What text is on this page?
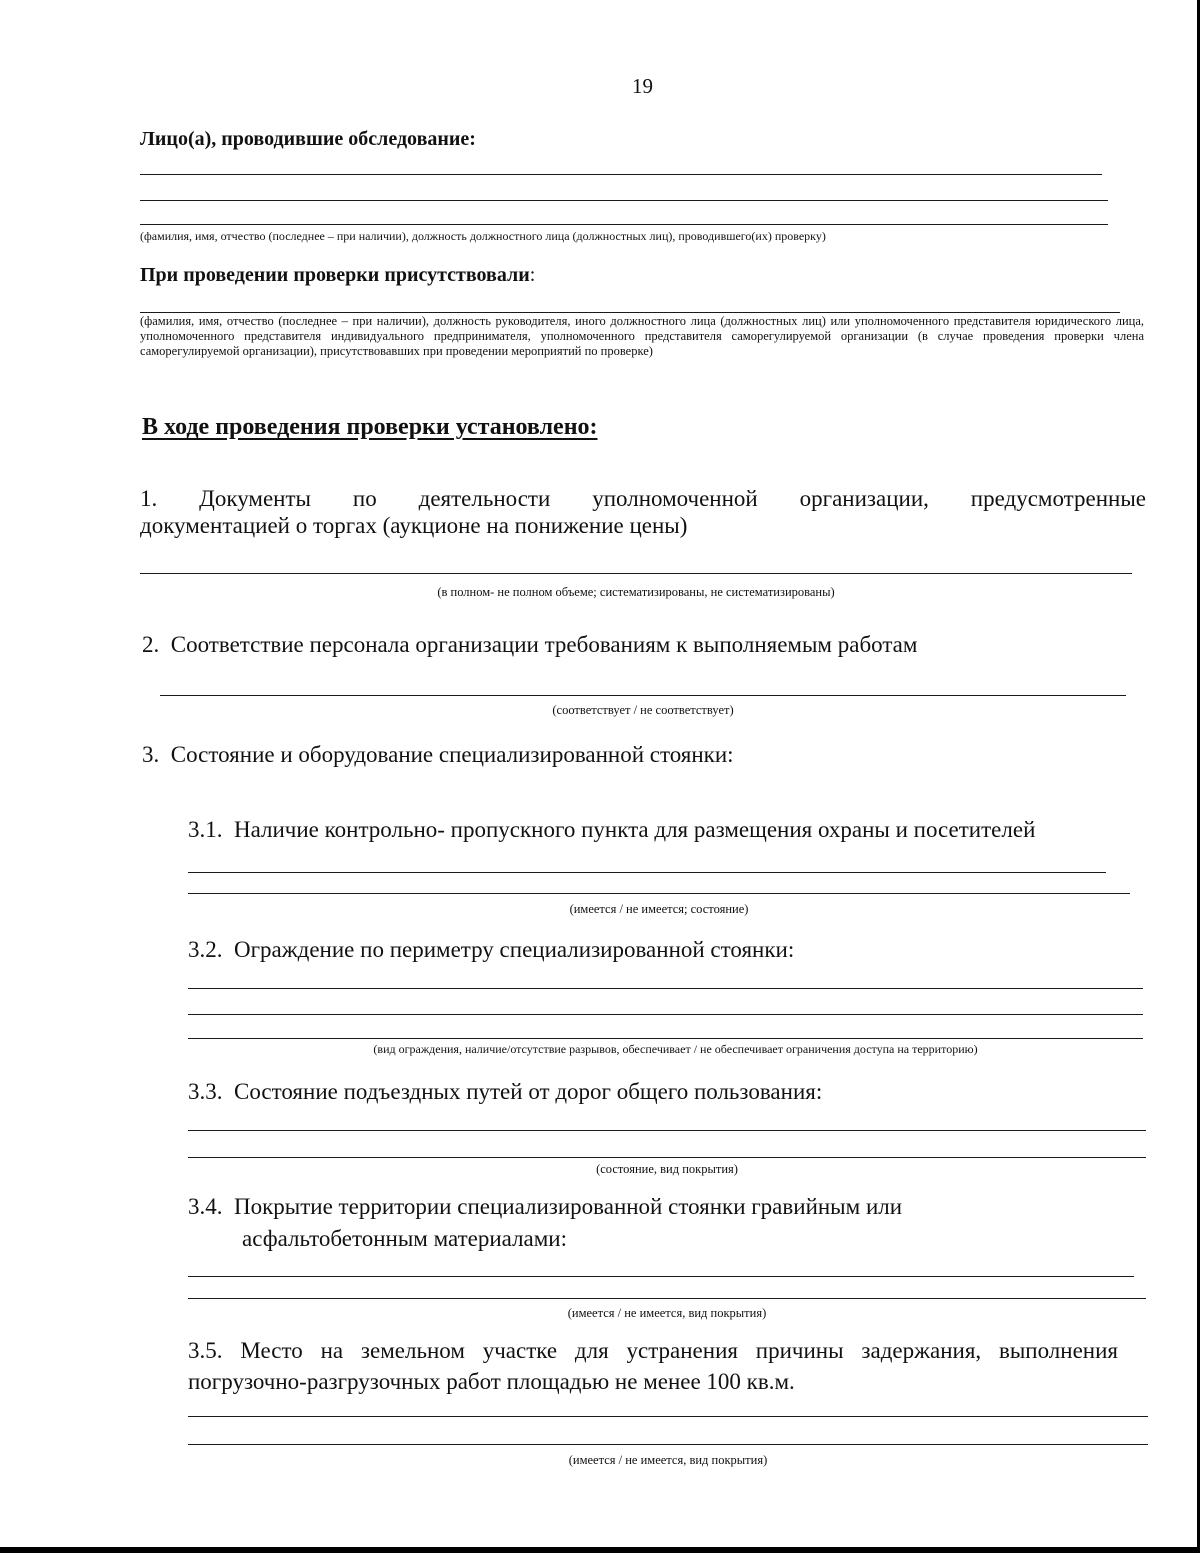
19
Лицо(а), проводившие обследование:
(фамилия, имя, отчество (последнее – при наличии), должность должностного лица (должностных лиц), проводившего(их) проверку)
При проведении проверки присутствовали:
(фамилия, имя, отчество (последнее – при наличии), должность руководителя, иного должностного лица (должностных лиц) или уполномоченного представителя юридического лица, уполномоченного представителя индивидуального предпринимателя, уполномоченного представителя саморегулируемой организации (в случае проведения проверки члена саморегулируемой организации), присутствовавших при проведении мероприятий по проверке)
В ходе проведения проверки установлено:
1. Документы по деятельности уполномоченной организации, предусмотренные
документацией о торгах (аукционе на понижение цены)
(в полном- не полном объеме; систематизированы, не систематизированы)
2. Соответствие персонала организации требованиям к выполняемым работам
(соответствует / не соответствует)
3. Состояние и оборудование специализированной стоянки:
3.1. Наличие контрольно- пропускного пункта для размещения охраны и посетителей
(имеется / не имеется; состояние)
3.2. Ограждение по периметру специализированной стоянки:
(вид ограждения, наличие/отсутствие разрывов, обеспечивает / не обеспечивает ограничения доступа на территорию)
3.3. Состояние подъездных путей от дорог общего пользования:
(состояние, вид покрытия)
3.4. Покрытие территории специализированной стоянки гравийным или
асфальтобетонным материалами:
(имеется / не имеется, вид покрытия)
3.5. Место на земельном участке для устранения причины задержания, выполнения
погрузочно-разгрузочных работ площадью не менее 100 кв.м.
(имеется / не имеется, вид покрытия)
